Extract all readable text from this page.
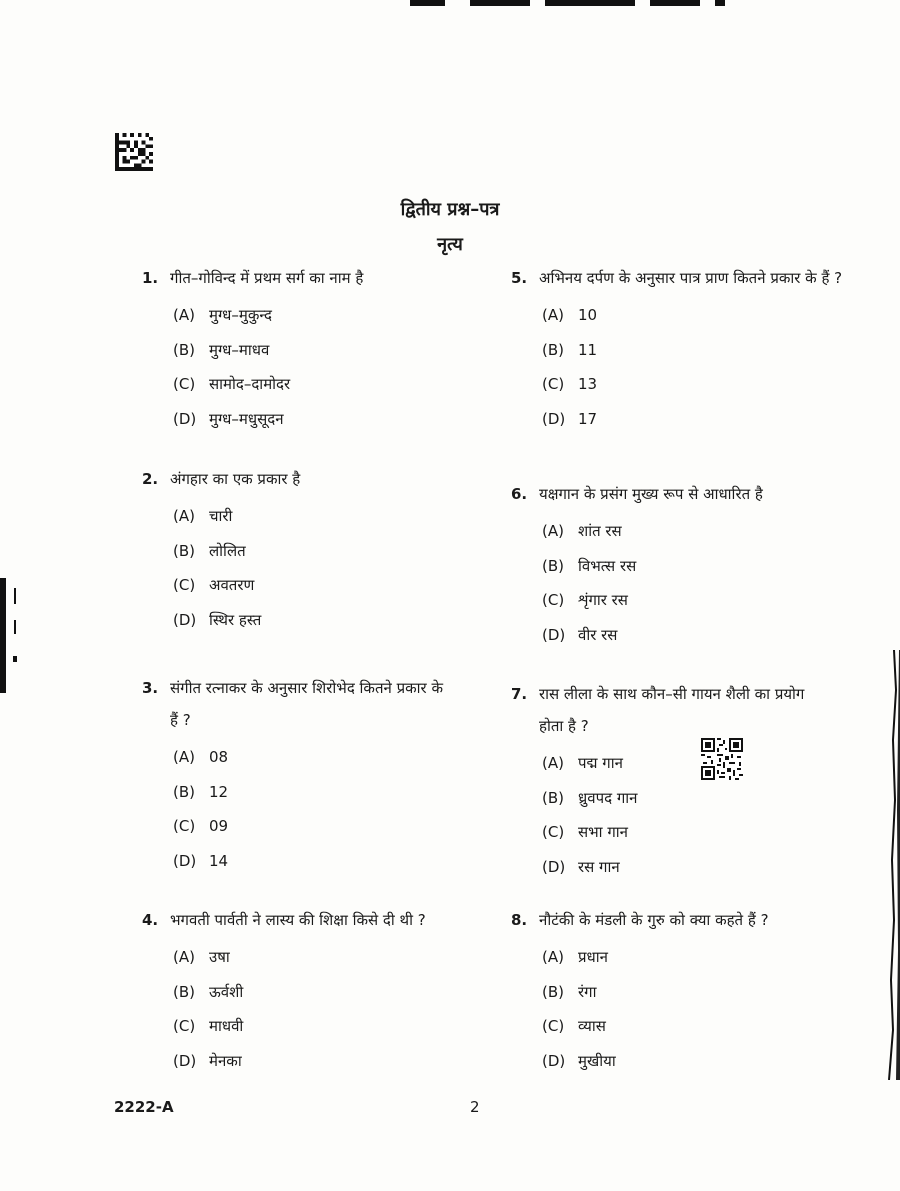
द्वितीय प्रश्न–पत्र
नृत्य
1. गीत–गोविन्द में प्रथम सर्ग का नाम है
(A) मुग्ध–मुकुन्द
(B) मुग्ध–माधव
(C) सामोद–दामोदर
(D) मुग्ध–मधुसूदन
2. अंगहार का एक प्रकार है
(A) चारी
(B) लोलित
(C) अवतरण
(D) स्थिर हस्त
3. संगीत रत्नाकर के अनुसार शिरोभेद कितने प्रकार के हैं ?
(A) 08
(B) 12
(C) 09
(D) 14
4. भगवती पार्वती ने लास्य की शिक्षा किसे दी थी ?
(A) उषा
(B) ऊर्वशी
(C) माधवी
(D) मेनका
5. अभिनय दर्पण के अनुसार पात्र प्राण कितने प्रकार के हैं ?
(A) 10
(B) 11
(C) 13
(D) 17
6. यक्षगान के प्रसंग मुख्य रूप से आधारित है
(A) शांत रस
(B) विभत्स रस
(C) शृंगार रस
(D) वीर रस
7. रास लीला के साथ कौन–सी गायन शैली का प्रयोग होता है ?
(A) पद्म गान
(B) ध्रुवपद गान
(C) सभा गान
(D) रस गान
8. नौटंकी के मंडली के गुरु को क्या कहते हैं ?
(A) प्रधान
(B) रंगा
(C) व्यास
(D) मुखीया
2222-A	2
